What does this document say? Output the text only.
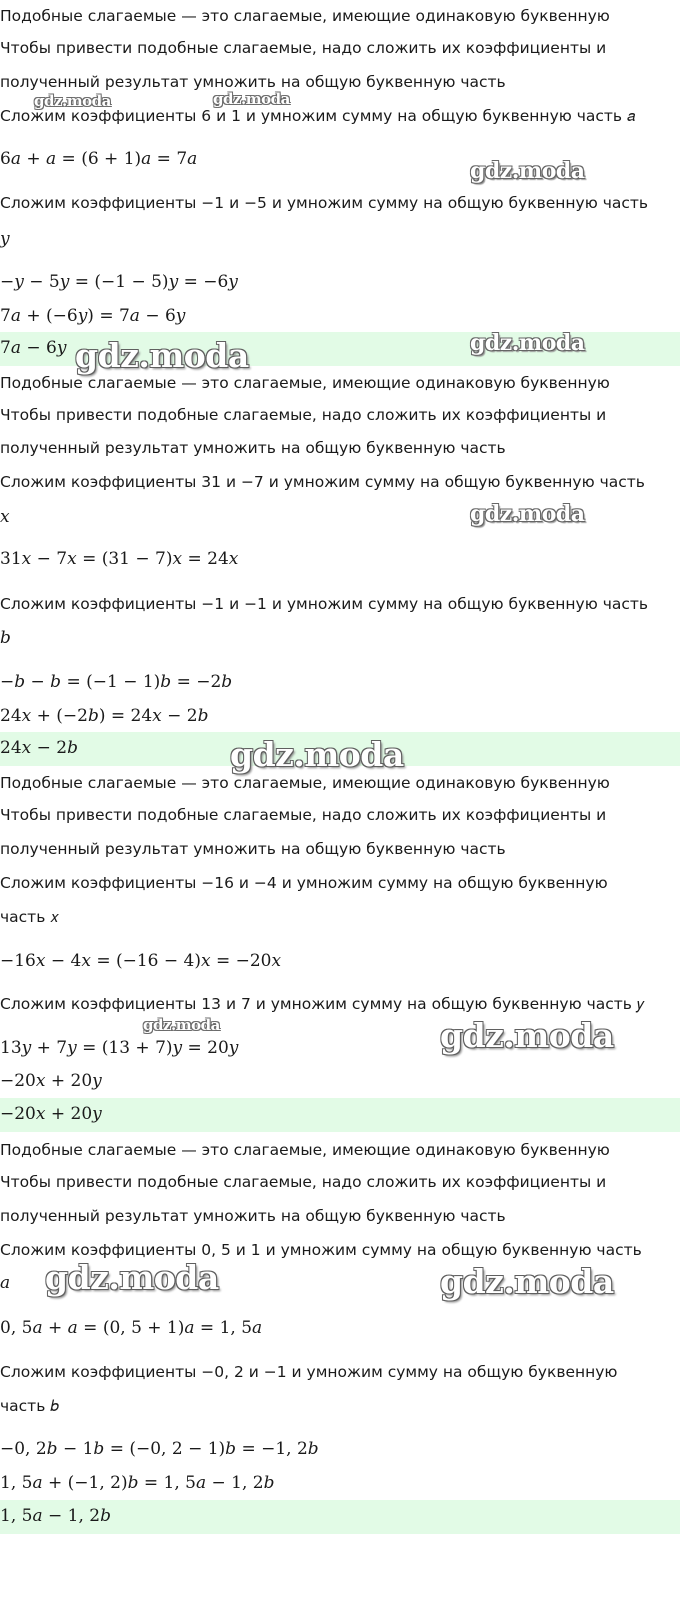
Подобные слагаемые — это слагаемые, имеющие одинаковую буквенную
Чтобы привести подобные слагаемые, надо сложить их коэффициенты и
полученный результат умножить на общую буквенную часть
Сложим коэффициенты 6 и 1 и умножим сумму на общую буквенную часть 𝑎
6𝑎 + 𝑎 = (6 + 1)𝑎 = 7𝑎
Сложим коэффициенты −1 и −5 и умножим сумму на общую буквенную часть
𝑦
−𝑦 − 5𝑦 = (−1 − 5)𝑦 = −6𝑦
7𝑎 + (−6𝑦) = 7𝑎 − 6𝑦
7𝑎 − 6𝑦
Подобные слагаемые — это слагаемые, имеющие одинаковую буквенную
Чтобы привести подобные слагаемые, надо сложить их коэффициенты и
полученный результат умножить на общую буквенную часть
Сложим коэффициенты 31 и −7 и умножим сумму на общую буквенную часть
𝑥
31𝑥 − 7𝑥 = (31 − 7)𝑥 = 24𝑥
Сложим коэффициенты −1 и −1 и умножим сумму на общую буквенную часть
𝑏
−𝑏 − 𝑏 = (−1 − 1)𝑏 = −2𝑏
24𝑥 + (−2𝑏) = 24𝑥 − 2𝑏
24𝑥 − 2𝑏
Подобные слагаемые — это слагаемые, имеющие одинаковую буквенную
Чтобы привести подобные слагаемые, надо сложить их коэффициенты и
полученный результат умножить на общую буквенную часть
Сложим коэффициенты −16 и −4 и умножим сумму на общую буквенную
часть 𝑥
−16𝑥 − 4𝑥 = (−16 − 4)𝑥 = −20𝑥
Сложим коэффициенты 13 и 7 и умножим сумму на общую буквенную часть 𝑦
13𝑦 + 7𝑦 = (13 + 7)𝑦 = 20𝑦
−20𝑥 + 20𝑦
−20𝑥 + 20𝑦
Подобные слагаемые — это слагаемые, имеющие одинаковую буквенную
Чтобы привести подобные слагаемые, надо сложить их коэффициенты и
полученный результат умножить на общую буквенную часть
Сложим коэффициенты 0, 5 и 1 и умножим сумму на общую буквенную часть
𝑎
0, 5𝑎 + 𝑎 = (0, 5 + 1)𝑎 = 1, 5𝑎
Сложим коэффициенты −0, 2 и −1 и умножим сумму на общую буквенную
часть 𝑏
−0, 2𝑏 − 1𝑏 = (−0, 2 − 1)𝑏 = −1, 2𝑏
1, 5𝑎 + (−1, 2)𝑏 = 1, 5𝑎 − 1, 2𝑏
1, 5𝑎 − 1, 2𝑏
gdz.moda	gdz.moda
gdz.moda
gdz.moda	gdz.moda
gdz.moda
gdz.moda
gdz.moda	gdz.moda
gdz.moda	gdz.moda
